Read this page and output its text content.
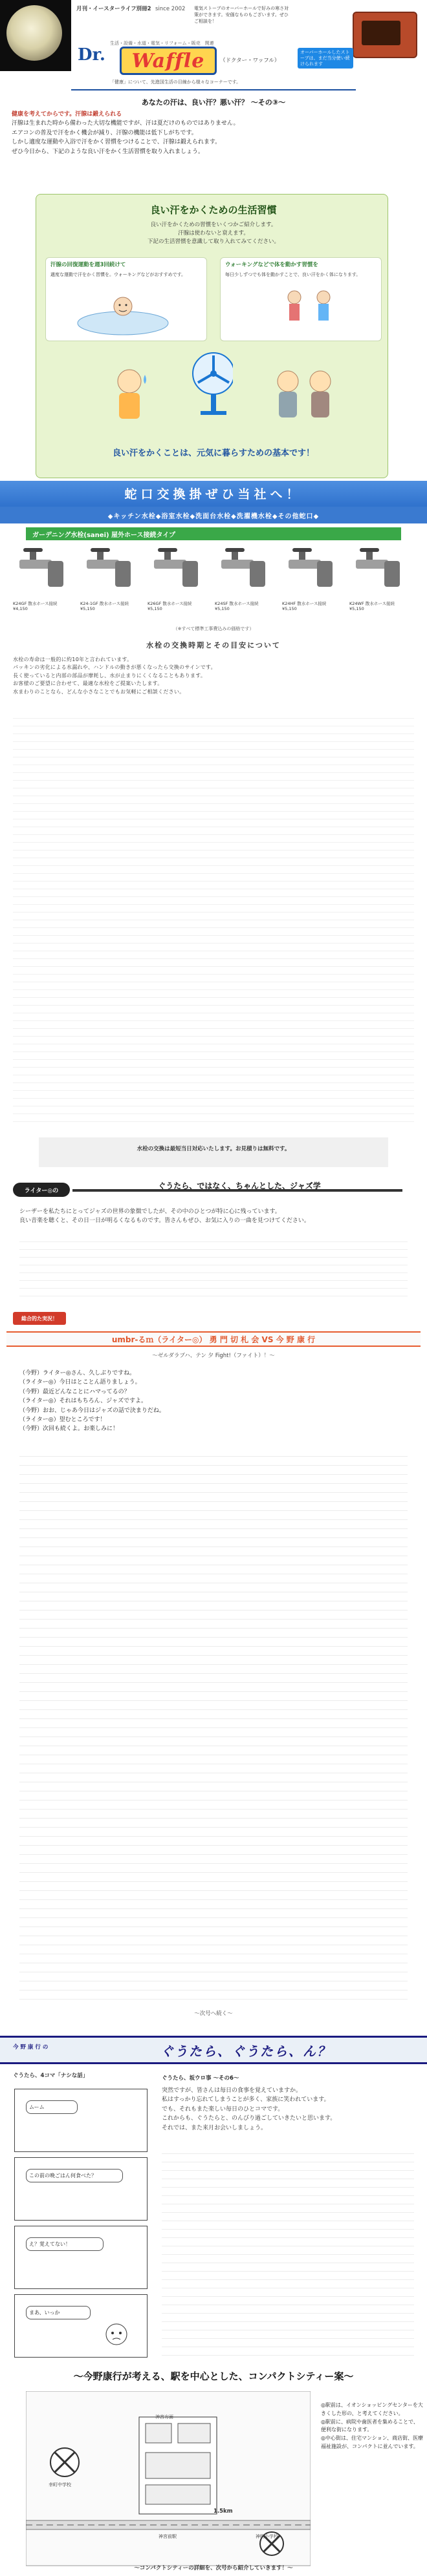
月刊・イースターライフ別冊2 since 2002	電気ストーブのオーバーホールで好みの寒さ対策ができます。安価なものもございます。ぜひご相談を！
オーバーホールしたストーブは、まだ当分使い続けられます
生活・設備・水道・電気・リフォーム・販売　関連
Dr.	Waffle	（ドクター・ワッフル）
「健康」について、先進国生活の目線から様々なコーナーです。
あなたの汗は、良い汗？悪い汗？ ～その③～
健康を考えてからです。汗腺は鍛えられる
汗腺は生まれた時から備わった大切な機能ですが、汗は夏だけのものではありません。
エアコンの普及で汗をかく機会が減り、汗腺の機能は低下しがちです。
しかし適度な運動や入浴で汗をかく習慣をつけることで、汗腺は鍛えられます。
ぜひ今日から、下記のような良い汗をかく生活習慣を取り入れましょう。
良い汗をかくための生活習慣
良い汗をかくための習慣をいくつかご紹介します。
汗腺は使わないと衰えます。
下記の生活習慣を意識して取り入れてみてください。
汗腺の回復運動を週3回続けて
適度な運動で汗をかく習慣を。ウォーキングなどがおすすめです。
ウォーキングなどで体を動かす習慣を
毎日少しずつでも体を動かすことで、良い汗をかく体になります。
良い汗をかくことは、元気に暮らすための基本です！
蛇口交換掛ぜひ当社へ！
◆キッチン水栓◆浴室水栓◆洗面台水栓◆洗濯機水栓◆その他蛇口◆
ガーデニング水栓(sanei) 屋外ホース接続タイプ
K24GF 散水ホース接続
¥4,150
K24-1GF 散水ホース接続
¥5,150
K26GF 散水ホース接続
¥5,150
K24SF 散水ホース接続
¥5,150
K24HF 散水ホース接続
¥5,150
K24WF 散水ホース接続
¥5,150
（※すべて標準工事費込みの価格です）
水栓の交換時期とその目安について
水栓の寿命は一般的に約10年と言われています。
パッキンの劣化による水漏れや、ハンドルの動きが悪くなったら交換のサインです。
長く使っていると内部の部品が摩耗し、水が止まりにくくなることもあります。
お客様のご要望に合わせて、最適な水栓をご提案いたします。
水まわりのことなら、どんな小さなことでもお気軽にご相談ください。
水栓の交換は最短当日対応いたします。お見積りは無料です。
ライター◎の
ぐうたら、ではなく、ちゃんとした、ジャズ学
シーザーを私たちにとってジャズの世界の象徴でしたが、その中のひとつが特に心に残っています。
良い音楽を聴くと、その日一日が明るくなるものです。皆さんもぜひ、お気に入りの一曲を見つけてください。
総合的た実況！
umbr-るｍ（ライター◎） 勇 門 切 札 会 VS 今 野 康 行
～ゼルダラブハ、テン 夕 Fight!（ファイト）！～
（今野）ライター◎さん、久しぶりですね。
（ライター◎）今日はとことん語りましょう。
（今野）最近どんなことにハマってるの？
（ライター◎）それはもちろん、ジャズですよ。
（今野）おお、じゃあ今日はジャズの話で決まりだね。
（ライター◎）望むところです！
（今野）次回も続くよ。お楽しみに！
～次号へ続く～
今 野 康 行 の	ぐうたら、ぐうたら、ん？
ぐうたら、4コマ「ナシな話」
ムーム
この前の晩ごはん何食べた？
え？覚えてない！
まあ、いっか
ぐうたら、坂ウロ事 ～その6～
突然ですが、皆さんは毎日の食事を覚えていますか。
私はすっかり忘れてしまうことが多く、家族に笑われています。
でも、それもまた楽しい毎日のひとコマです。
これからも、ぐうたらと、のんびり過ごしていきたいと思います。
それでは、また来月お会いしましょう。
～今野康行が考える、駅を中心とした、コンパクトシティー案～
神宮方面
幸町中学校
神宮前駅	神明小学校
1.5km
◎駅前は、イオンショッピングセンターを大きくした形の、と考えてください。
◎駅前に、病院や歯医者を集めることで、便利な街になります。
◎中心街は、住宅マンション、商店街、医療福祉施設が、コンパクトに並んでいます。
～コンパクトシティーの詳細を、次号から紹介していきます！～
